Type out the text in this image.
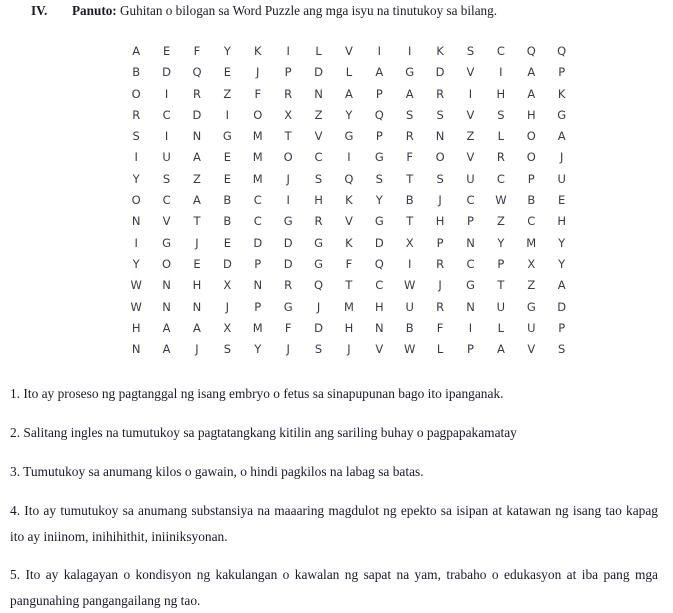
IV. Panuto: Guhitan o bilogan sa Word Puzzle ang mga isyu na tinutukoy sa bilang.
A	E	F	Y	K	I	L	V	I	I	K	S	C	Q	Q
B	D	Q	E	J	P	D	L	A	G	D	V	I	A	P
O	I	R	Z	F	R	N	A	P	A	R	I	H	A	K
R	C	D	I	O	X	Z	Y	Q	S	S	V	S	H	G
S	I	N	G	M	T	V	G	P	R	N	Z	L	O	A
I	U	A	E	M	O	C	I	G	F	O	V	R	O	J
Y	S	Z	E	M	J	S	Q	S	T	S	U	C	P	U
O	C	A	B	C	I	H	K	Y	B	J	C	W	B	E
N	V	T	B	C	G	R	V	G	T	H	P	Z	C	H
I	G	J	E	D	D	G	K	D	X	P	N	Y	M	Y
Y	O	E	D	P	D	G	F	Q	I	R	C	P	X	Y
W	N	H	X	N	R	Q	T	C	W	J	G	T	Z	A
W	N	N	J	P	G	J	M	H	U	R	N	U	G	D
H	A	A	X	M	F	D	H	N	B	F	I	L	U	P
N	A	J	S	Y	J	S	J	V	W	L	P	A	V	S

1. Ito ay proseso ng pagtanggal ng isang embryo o fetus sa sinapupunan bago ito ipanganak.

2. Salitang ingles na tumutukoy sa pagtatangkang kitilin ang sariling buhay o pagpapakamatay

3. Tumutukoy sa anumang kilos o gawain, o hindi pagkilos na labag sa batas.

4. Ito ay tumutukoy sa anumang substansiya na maaaring magdulot ng epekto sa isipan at katawan ng isang tao kapag ito ay iniinom, inihihithit, iniiniksyonan.

5. Ito ay kalagayan o kondisyon ng kakulangan o kawalan ng sapat na yam, trabaho o edukasyon at iba pang mga pangunahing pangangailang ng tao.
